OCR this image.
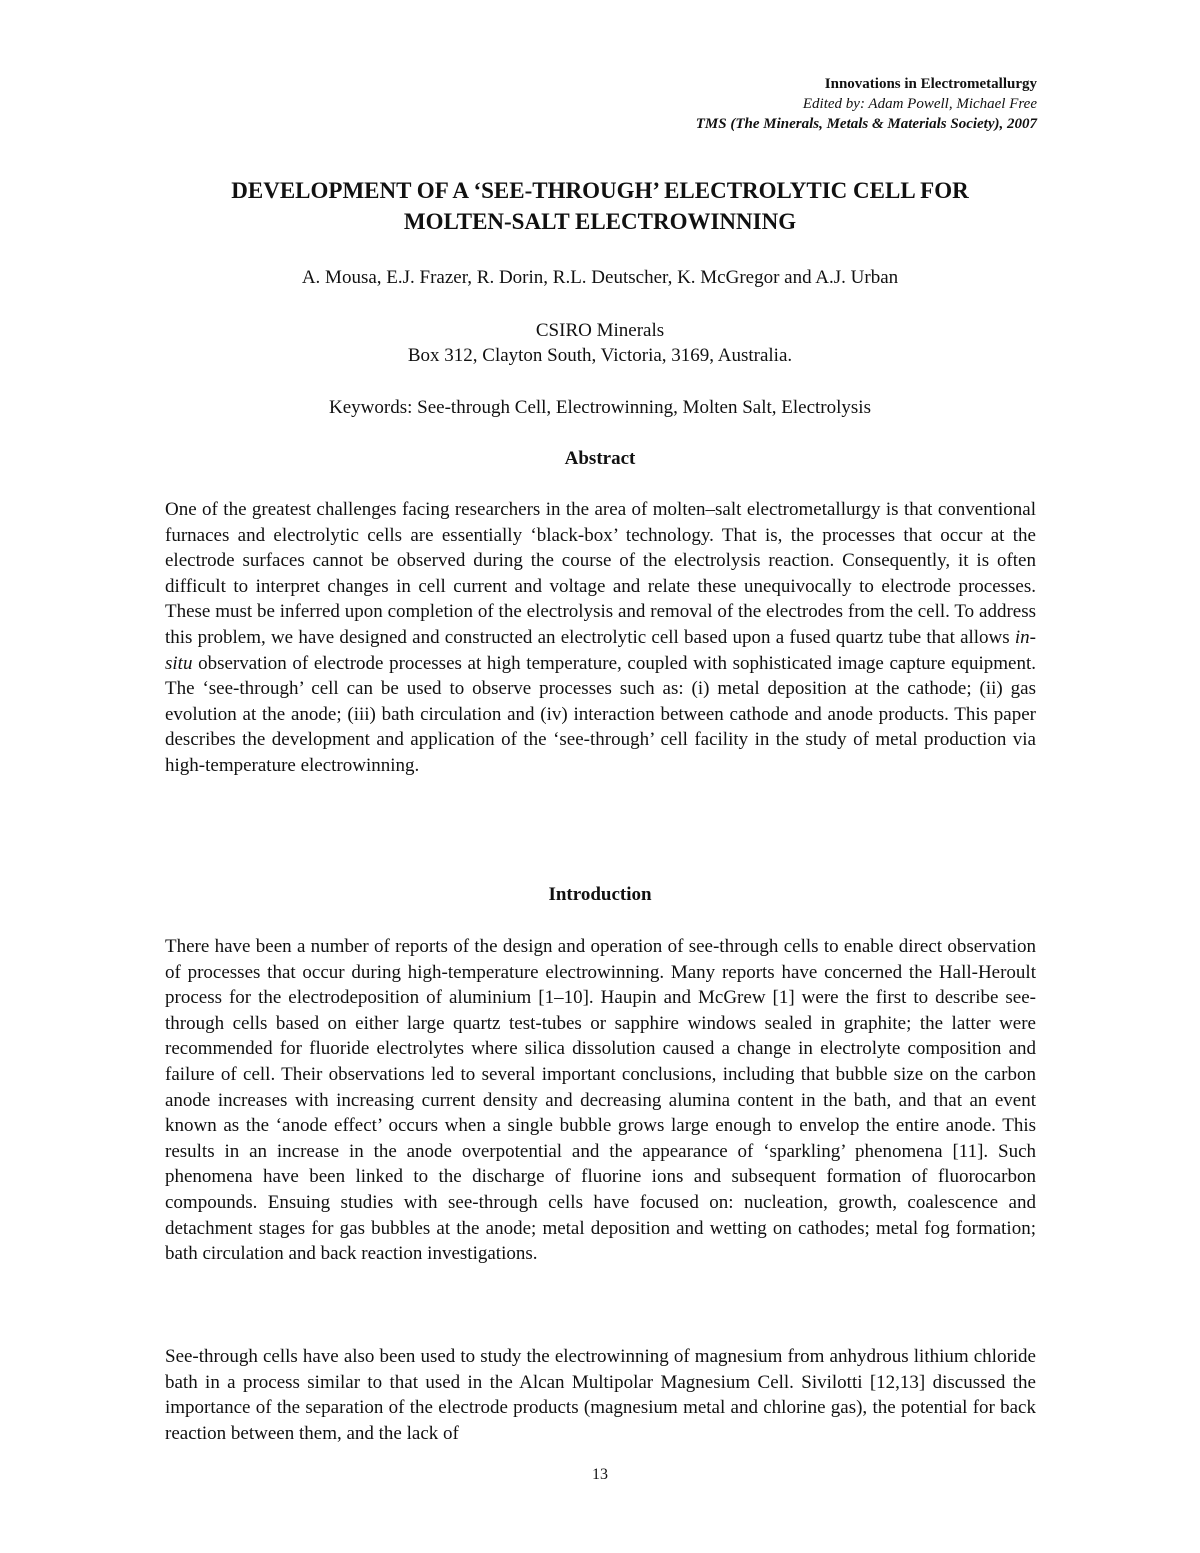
Innovations in Electrometallurgy
Edited by: Adam Powell, Michael Free
TMS (The Minerals, Metals & Materials Society), 2007
DEVELOPMENT OF A ‘SEE-THROUGH’ ELECTROLYTIC CELL FOR
MOLTEN-SALT ELECTROWINNING
A. Mousa, E.J. Frazer, R. Dorin, R.L. Deutscher, K. McGregor and A.J. Urban
CSIRO Minerals
Box 312, Clayton South, Victoria, 3169, Australia.
Keywords: See-through Cell, Electrowinning, Molten Salt, Electrolysis
Abstract

One of the greatest challenges facing researchers in the area of molten–salt electrometallurgy is that conventional furnaces and electrolytic cells are essentially ‘black-box’ technology. That is, the processes that occur at the electrode surfaces cannot be observed during the course of the electrolysis reaction. Consequently, it is often difficult to interpret changes in cell current and voltage and relate these unequivocally to electrode processes. These must be inferred upon completion of the electrolysis and removal of the electrodes from the cell. To address this problem, we have designed and constructed an electrolytic cell based upon a fused quartz tube that allows in-situ observation of electrode processes at high temperature, coupled with sophisticated image capture equipment. The ‘see-through’ cell can be used to observe processes such as: (i) metal deposition at the cathode; (ii) gas evolution at the anode; (iii) bath circulation and (iv) interaction between cathode and anode products. This paper describes the development and application of the ‘see-through’ cell facility in the study of metal production via high-temperature electrowinning.

Introduction

There have been a number of reports of the design and operation of see-through cells to enable direct observation of processes that occur during high-temperature electrowinning. Many reports have concerned the Hall-Heroult process for the electrodeposition of aluminium [1–10]. Haupin and McGrew [1] were the first to describe see-through cells based on either large quartz test-tubes or sapphire windows sealed in graphite; the latter were recommended for fluoride electrolytes where silica dissolution caused a change in electrolyte composition and failure of cell. Their observations led to several important conclusions, including that bubble size on the carbon anode increases with increasing current density and decreasing alumina content in the bath, and that an event known as the ‘anode effect’ occurs when a single bubble grows large enough to envelop the entire anode. This results in an increase in the anode overpotential and the appearance of ‘sparkling’ phenomena [11]. Such phenomena have been linked to the discharge of fluorine ions and subsequent formation of fluorocarbon compounds. Ensuing studies with see-through cells have focused on: nucleation, growth, coalescence and detachment stages for gas bubbles at the anode; metal deposition and wetting on cathodes; metal fog formation; bath circulation and back reaction investigations.

See-through cells have also been used to study the electrowinning of magnesium from anhydrous lithium chloride bath in a process similar to that used in the Alcan Multipolar Magnesium Cell. Sivilotti [12,13] discussed the importance of the separation of the electrode products (magnesium metal and chlorine gas), the potential for back reaction between them, and the lack of

13
